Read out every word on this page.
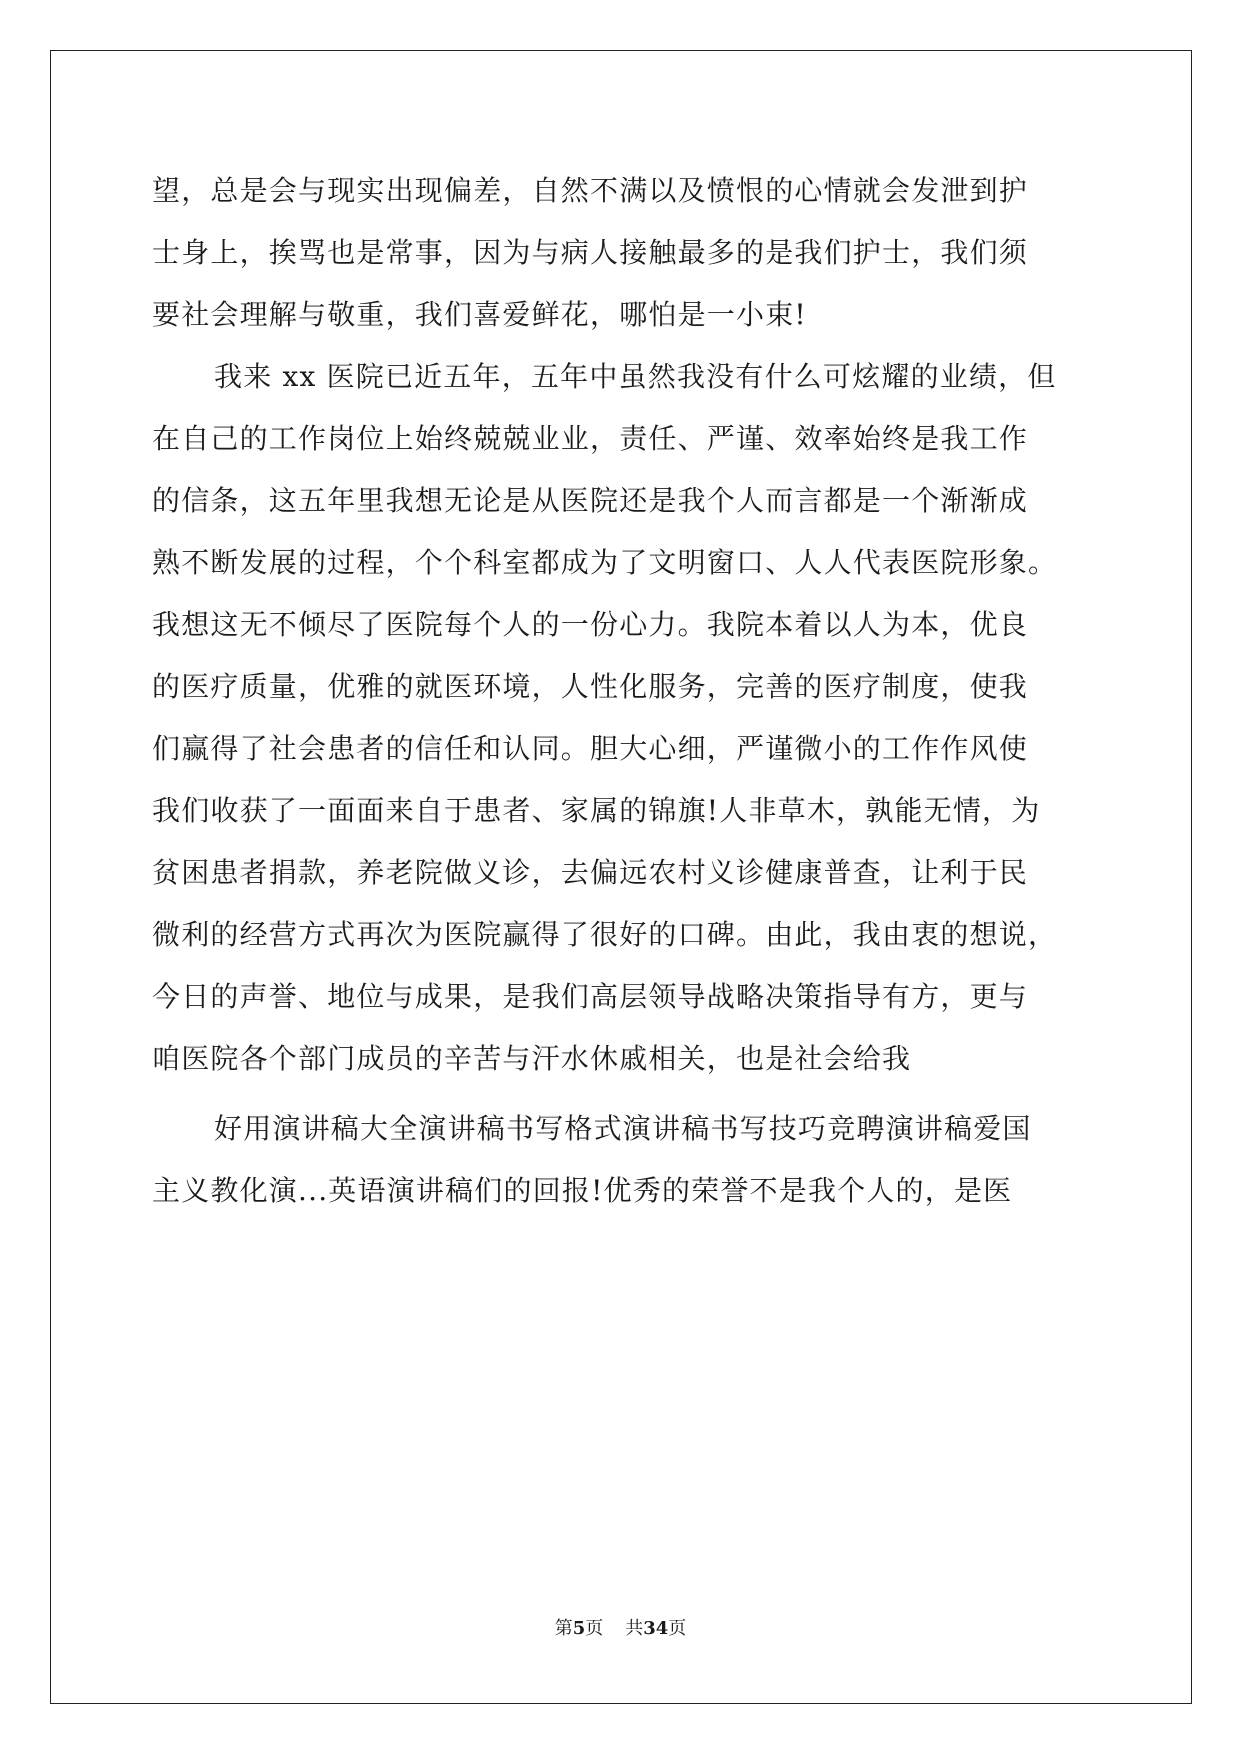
望，总是会与现实出现偏差，自然不满以及愤恨的心情就会发泄到护
士身上，挨骂也是常事，因为与病人接触最多的是我们护士，我们须
要社会理解与敬重，我们喜爱鲜花，哪怕是一小束!
我来 xx 医院已近五年，五年中虽然我没有什么可炫耀的业绩，但
在自己的工作岗位上始终兢兢业业，责任、严谨、效率始终是我工作
的信条，这五年里我想无论是从医院还是我个人而言都是一个渐渐成
熟不断发展的过程，个个科室都成为了文明窗口、人人代表医院形象。
我想这无不倾尽了医院每个人的一份心力。我院本着以人为本，优良
的医疗质量，优雅的就医环境，人性化服务，完善的医疗制度，使我
们赢得了社会患者的信任和认同。胆大心细，严谨微小的工作作风使
我们收获了一面面来自于患者、家属的锦旗!人非草木，孰能无情，为
贫困患者捐款，养老院做义诊，去偏远农村义诊健康普查，让利于民
微利的经营方式再次为医院赢得了很好的口碑。由此，我由衷的想说，
今日的声誉、地位与成果，是我们高层领导战略决策指导有方，更与
咱医院各个部门成员的辛苦与汗水休戚相关，也是社会给我
好用演讲稿大全演讲稿书写格式演讲稿书写技巧竞聘演讲稿爱国
主义教化演...英语演讲稿们的回报!优秀的荣誉不是我个人的，是医
第5页 共34页
